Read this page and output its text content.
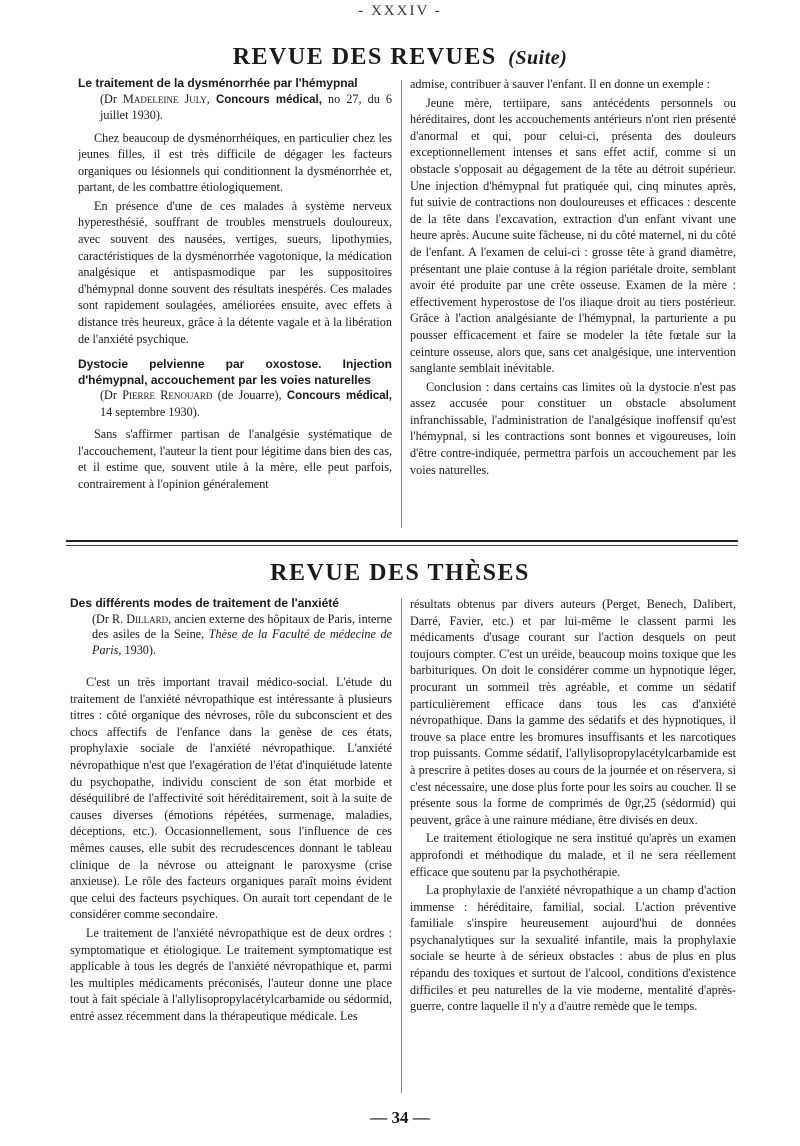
- XXXIV -
REVUE DES REVUES (Suite)
Le traitement de la dysménorrhée par l'hémypnal
(Dr Madeleine July, Concours médical, no 27, du 6 juillet 1930).

Chez beaucoup de dysménorrhéiques, en particulier chez les jeunes filles, il est très difficile de dégager les facteurs organiques ou lésionnels qui conditionnent la dysménorrhée et, partant, de les combattre étiologiquement.

En présence d'une de ces malades à système nerveux hyperesthésié, souffrant de troubles menstruels douloureux, avec souvent des nausées, vertiges, sueurs, lipothymies, caractéristiques de la dysménorrhée vagotonique, la médication analgésique et antispasmodique par les suppositoires d'hémypnal donne souvent des résultats inespérés. Ces malades sont rapidement soulagées, améliorées ensuite, avec effets à distance très heureux, grâce à la détente vagale et à la libération de l'anxiété psychique.

Dystocie pelvienne par oxostose. Injection d'hémypnal, accouchement par les voies naturelles
(Dr Pierre Renouard (de Jouarre), Concours médical, 14 septembre 1930).

Sans s'affirmer partisan de l'analgésie systématique de l'accouchement, l'auteur la tient pour légitime dans bien des cas, et il estime que, souvent utile à la mère, elle peut parfois, contrairement à l'opinion généralement

admise, contribuer à sauver l'enfant. Il en donne un exemple :

Jeune mère, tertiipare, sans antécédents personnels ou héréditaires, dont les accouchements antérieurs n'ont rien présenté d'anormal et qui, pour celui-ci, présenta des douleurs exceptionnellement intenses et sans effet actif, comme si un obstacle s'opposait au dégagement de la tête au détroit supérieur. Une injection d'hémypnal fut pratiquée qui, cinq minutes après, fut suivie de contractions non douloureuses et efficaces : descente de la tête dans l'excavation, extraction d'un enfant vivant une heure après. Aucune suite fâcheuse, ni du côté maternel, ni du côté de l'enfant. A l'examen de celui-ci : grosse tête à grand diamètre, présentant une plaie contuse à la région pariétale droite, semblant avoir été produite par une crête osseuse. Examen de la mère : effectivement hyperostose de l'os iliaque droit au tiers postérieur. Grâce à l'action analgésiante de l'hémypnal, la parturiente a pu pousser efficacement et faire se modeler la tête fœtale sur la ceinture osseuse, alors que, sans cet analgésique, une intervention sanglante semblait inévitable.

Conclusion : dans certains cas limites où la dystocie n'est pas assez accusée pour constituer un obstacle absolument infranchissable, l'administration de l'analgésique inoffensif qu'est l'hémypnal, si les contractions sont bonnes et vigoureuses, loin d'être contre-indiquée, permettra parfois un accouchement par les voies naturelles.

REVUE DES THÈSES
Des différents modes de traitement de l'anxiété
(Dr R. Dillard, ancien externe des hôpitaux de Paris, interne des asiles de la Seine, Thèse de la Faculté de médecine de Paris, 1930).

C'est un très important travail médico-social. L'étude du traitement de l'anxiété névropathique est intéressante à plusieurs titres : côté organique des névroses, rôle du subconscient et des chocs affectifs de l'enfance dans la genèse de ces états, prophylaxie sociale de l'anxiété névropathique. L'anxiété névropathique n'est que l'exagération de l'état d'inquiétude latente du psychopathe, individu conscient de son état morbide et déséquilibré de l'affectivité soit héréditairement, soit à la suite de causes diverses (émotions répétées, surmenage, maladies, déceptions, etc.). Occasionnellement, sous l'influence de ces mêmes causes, elle subit des recrudescences donnant le tableau clinique de la névrose ou atteignant le paroxysme (crise anxieuse). Le rôle des facteurs organiques paraît moins évident que celui des facteurs psychiques. On aurait tort cependant de le considérer comme secondaire.

Le traitement de l'anxiété névropathique est de deux ordres : symptomatique et étiologique. Le traitement symptomatique est applicable à tous les degrés de l'anxiété névropathique et, parmi les multiples médicaments préconisés, l'auteur donne une place tout à fait spéciale à l'allylisopropylacétylcarbamide ou sédormid, entré assez récemment dans la thérapeutique médicale. Les

résultats obtenus par divers auteurs (Perget, Benech, Dalibert, Darré, Favier, etc.) et par lui-même le classent parmi les médicaments d'usage courant sur l'action desquels on peut toujours compter. C'est un uréide, beaucoup moins toxique que les barbituriques. On doit le considérer comme un hypnotique léger, procurant un sommeil très agréable, et comme un sédatif particulièrement efficace dans tous les cas d'anxiété névropathique. Dans la gamme des sédatifs et des hypnotiques, il trouve sa place entre les bromures insuffisants et les narcotiques trop puissants. Comme sédatif, l'allylisopropylacétylcarbamide est à prescrire à petites doses au cours de la journée et on réservera, si c'est nécessaire, une dose plus forte pour les soirs au coucher. Il se présente sous la forme de comprimés de 0gr,25 (sédormid) qui peuvent, grâce à une rainure médiane, être divisés en deux.

Le traitement étiologique ne sera institué qu'après un examen approfondi et méthodique du malade, et il ne sera réellement efficace que soutenu par la psychothérapie.

La prophylaxie de l'anxiété névropathique a un champ d'action immense : héréditaire, familial, social. L'action préventive familiale s'inspire heureusement aujourd'hui de données psychanalytiques sur la sexualité infantile, mais la prophylaxie sociale se heurte à de sérieux obstacles : abus de plus en plus répandu des toxiques et surtout de l'alcool, conditions d'existence difficiles et peu naturelles de la vie moderne, mentalité d'après-guerre, contre laquelle il n'y a d'autre remède que le temps.

— 34 —
